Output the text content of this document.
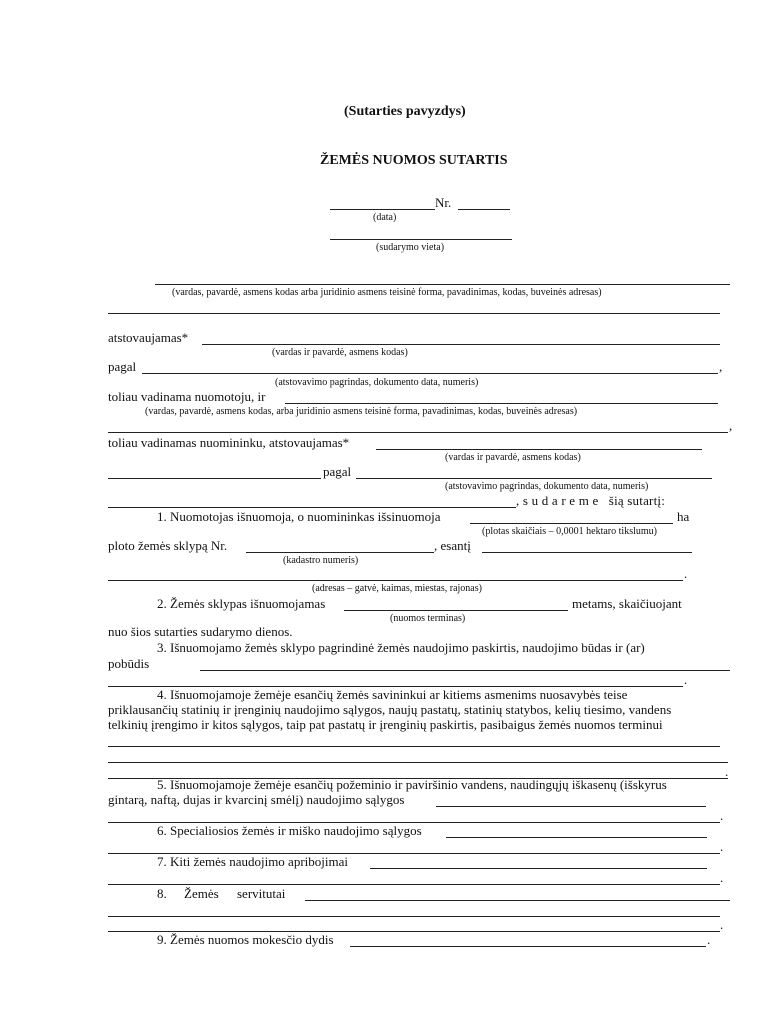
(Sutarties pavyzdys)
ŽEMĖS NUOMOS SUTARTIS
Nr.
(data)
(sudarymo vieta)
(vardas, pavardė, asmens kodas arba juridinio asmens teisinė forma, pavadinimas, kodas, buveinės adresas)
atstovaujamas*
(vardas ir pavardė, asmens kodas)
pagal	,
(atstovavimo pagrindas, dokumento data, numeris)
toliau vadinama nuomotoju, ir
(vardas, pavardė, asmens kodas, arba juridinio asmens teisinė forma, pavadinimas, kodas, buveinės adresas)
,
toliau vadinamas nuomininku, atstovaujamas*
(vardas ir pavardė, asmens kodas)
pagal
(atstovavimo pagrindas, dokumento data, numeris)
, s u d a r e m e   šią sutartį:
1. Nuomotojas išnuomoja, o nuomininkas išsinuomoja	ha
(plotas skaičiais – 0,0001 hektaro tikslumu)
ploto žemės sklypą Nr.	, esantį
(kadastro numeris)
.
(adresas – gatvė, kaimas, miestas, rajonas)
2. Žemės sklypas išnuomojamas	metams, skaičiuojant
(nuomos terminas)
nuo šios sutarties sudarymo dienos.
3. Išnuomojamo žemės sklypo pagrindinė žemės naudojimo paskirtis, naudojimo būdas ir (ar)
pobūdis
.
4. Išnuomojamoje žemėje esančių žemės savininkui ar kitiems asmenims nuosavybės teise
priklausančių statinių ir įrenginių naudojimo sąlygos, naujų pastatų, statinių statybos, kelių tiesimo, vandens
telkinių įrengimo ir kitos sąlygos, taip pat pastatų ir įrenginių paskirtis, pasibaigus žemės nuomos terminui
.
5. Išnuomojamoje žemėje esančių požeminio ir paviršinio vandens, naudingųjų iškasenų (išskyrus
gintarą, naftą, dujas ir kvarcinį smėlį) naudojimo sąlygos
.
6. Specialiosios žemės ir miško naudojimo sąlygos
.
7. Kiti žemės naudojimo apribojimai
.
8. Žemės servitutai
.
9. Žemės nuomos mokesčio dydis	.
